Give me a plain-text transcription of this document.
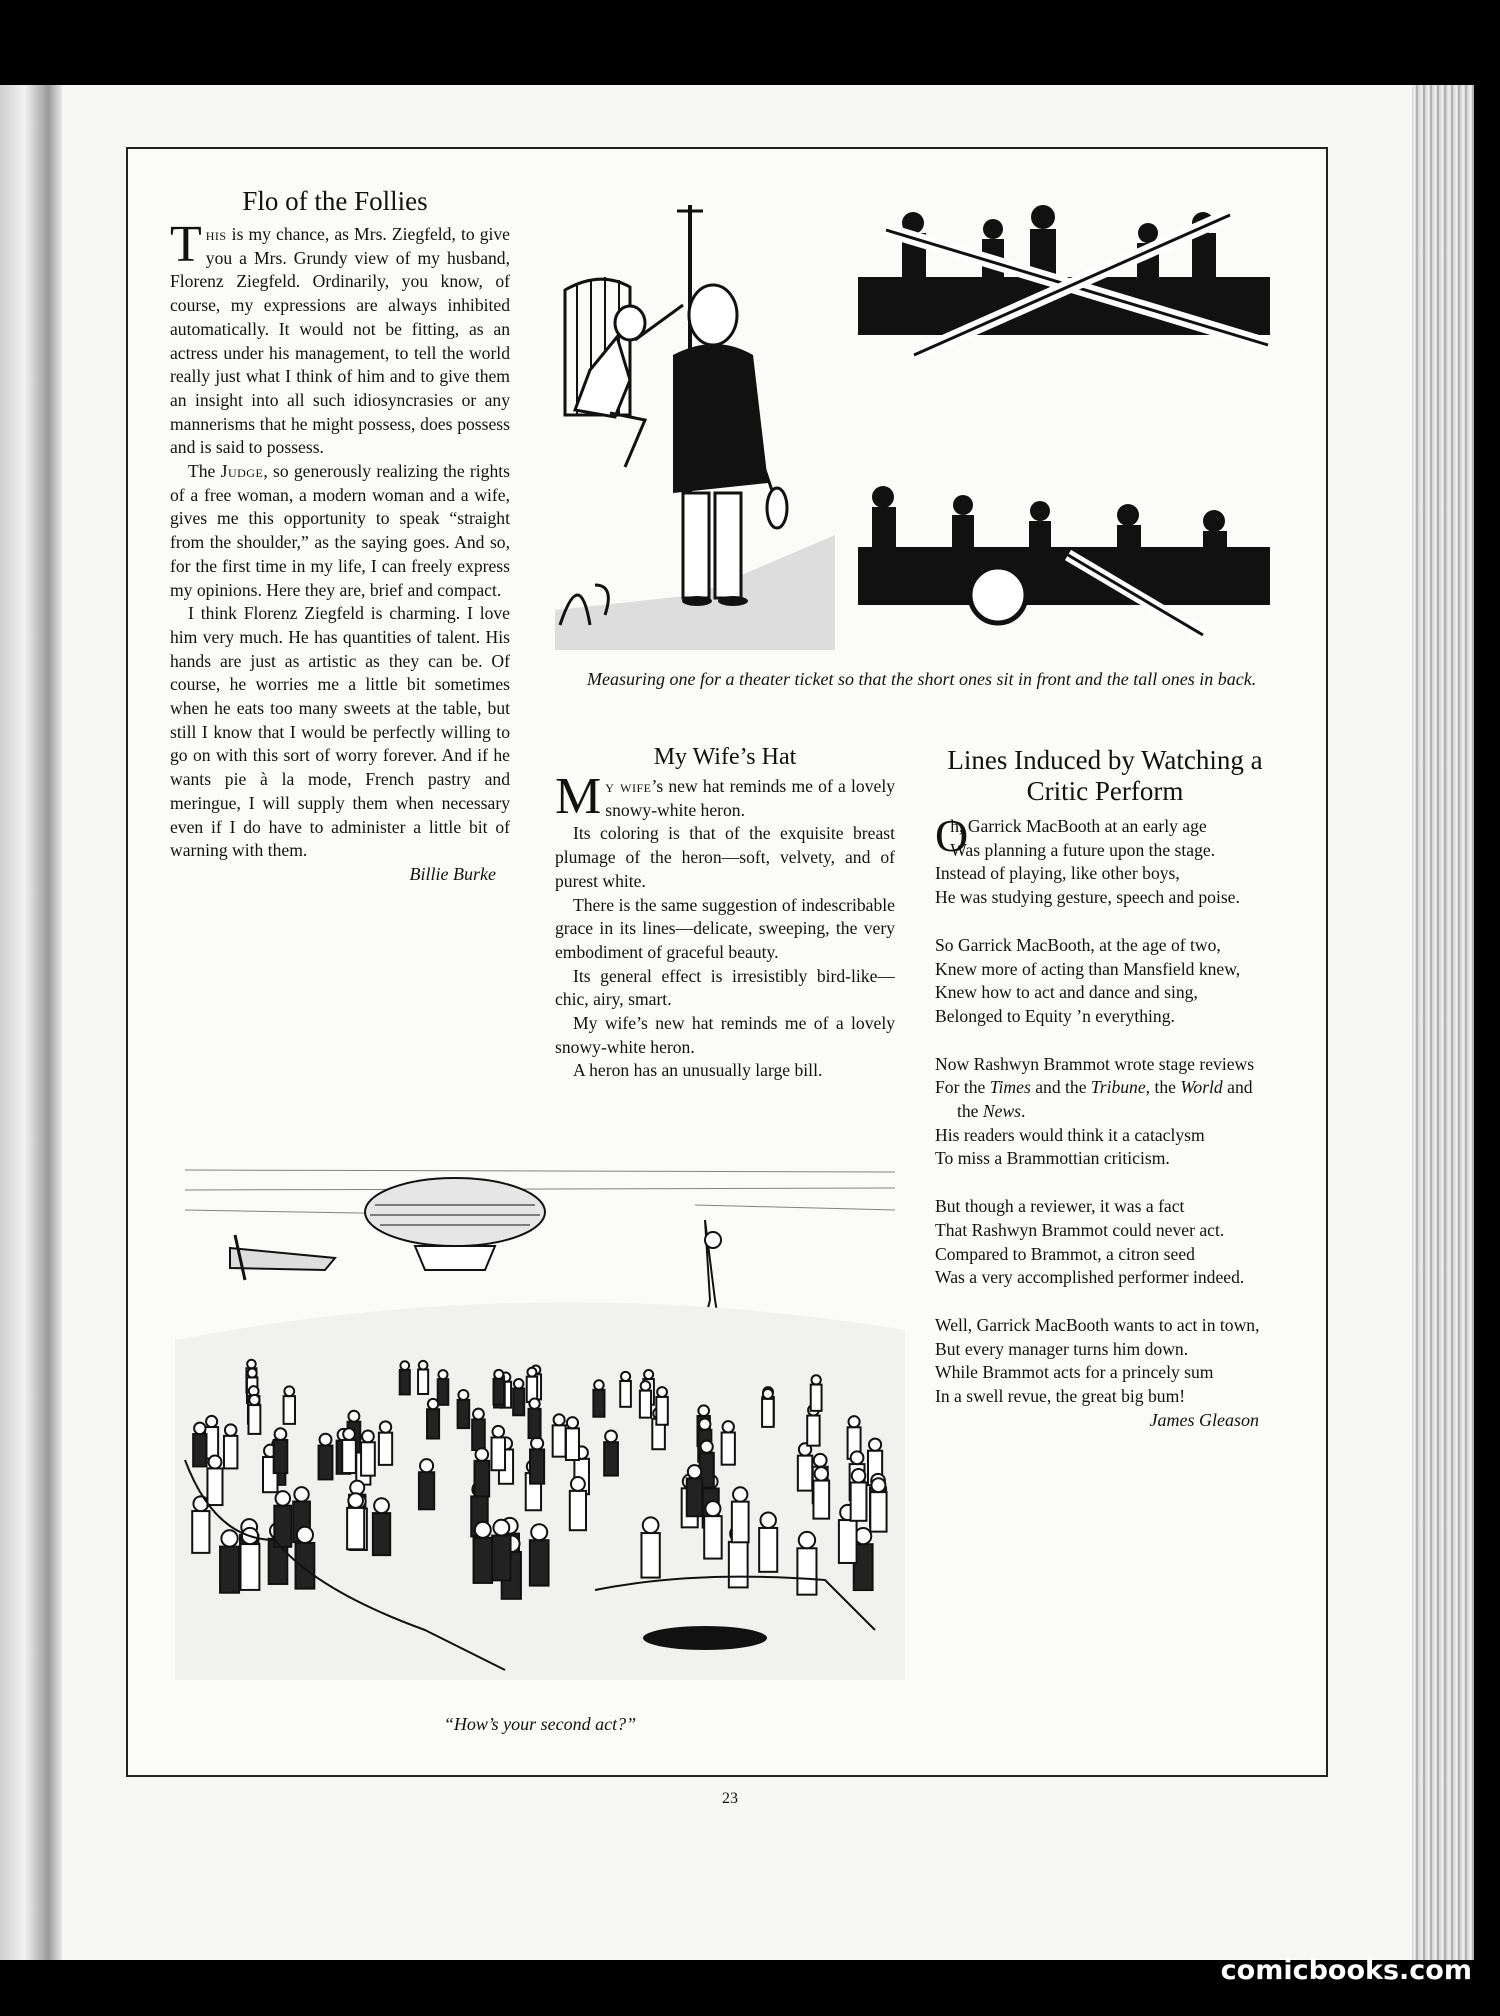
Flo of the Follies

This is my chance, as Mrs. Ziegfeld, to give you a Mrs. Grundy view of my husband, Florenz Ziegfeld. Ordinarily, you know, of course, my expressions are always inhibited automatically. It would not be fitting, as an actress under his management, to tell the world really just what I think of him and to give them an insight into all such idiosyncrasies or any mannerisms that he might possess, does possess and is said to possess.

The Judge, so generously realizing the rights of a free woman, a modern woman and a wife, gives me this opportunity to speak “straight from the shoulder,” as the saying goes. And so, for the first time in my life, I can freely express my opinions. Here they are, brief and compact.

I think Florenz Ziegfeld is charming. I love him very much. He has quantities of talent. His hands are just as artistic as they can be. Of course, he worries me a little bit sometimes when he eats too many sweets at the table, but still I know that I would be perfectly willing to go on with this sort of worry forever. And if he wants pie à la mode, French pastry and meringue, I will supply them when necessary even if I do have to administer a little bit of warning with them.

Billie Burke
Measuring one for a theater ticket so that the short ones sit in front and the tall ones in back.
My Wife’s Hat

My wife’s new hat reminds me of a lovely snowy-white heron.

Its coloring is that of the exquisite breast plumage of the heron—soft, velvety, and of purest white.

There is the same suggestion of indescribable grace in its lines—delicate, sweeping, the very embodiment of graceful beauty.

Its general effect is irresistibly bird-like—chic, airy, smart.

My wife’s new hat reminds me of a lovely snowy-white heron.

A heron has an unusually large bill.

Lines Induced by Watching a Critic Perform
O
h, Garrick MacBooth at an early age
Was planning a future upon the stage.
Instead of playing, like other boys,
He was studying gesture, speech and poise.
So Garrick MacBooth, at the age of two,
Knew more of acting than Mansfield knew,
Knew how to act and dance and sing,
Belonged to Equity ’n everything.
Now Rashwyn Brammot wrote stage reviews
For the Times and the Tribune, the World and the News.
His readers would think it a cataclysm
To miss a Brammottian criticism.
But though a reviewer, it was a fact
That Rashwyn Brammot could never act.
Compared to Brammot, a citron seed
Was a very accomplished performer indeed.
Well, Garrick MacBooth wants to act in town,
But every manager turns him down.
While Brammot acts for a princely sum
In a swell revue, the great big bum!
James Gleason
“How’s your second act?”
23
comicbooks.com
